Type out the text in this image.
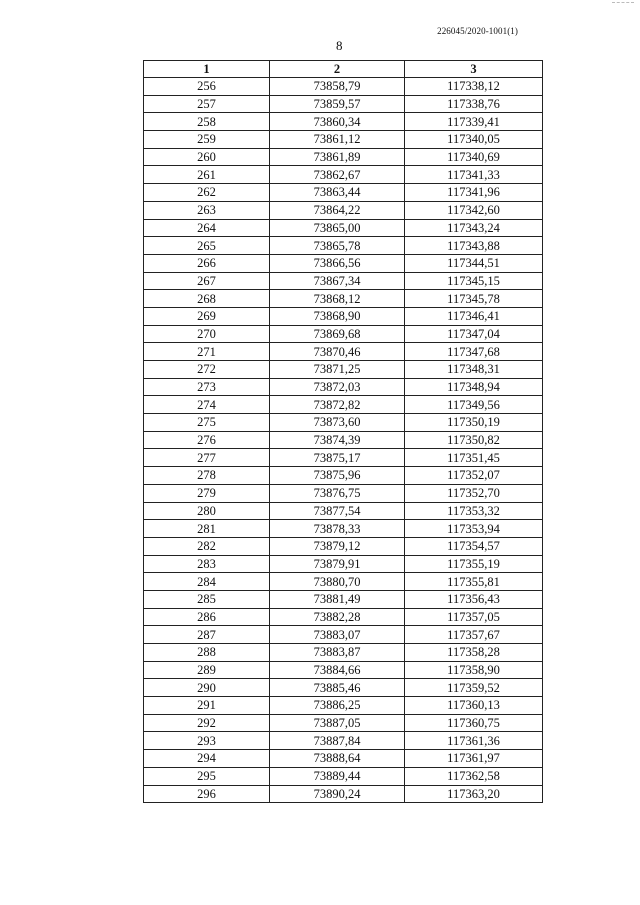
226045/2020-1001(1)
8
1	2	3
256	73858,79	117338,12
257	73859,57	117338,76
258	73860,34	117339,41
259	73861,12	117340,05
260	73861,89	117340,69
261	73862,67	117341,33
262	73863,44	117341,96
263	73864,22	117342,60
264	73865,00	117343,24
265	73865,78	117343,88
266	73866,56	117344,51
267	73867,34	117345,15
268	73868,12	117345,78
269	73868,90	117346,41
270	73869,68	117347,04
271	73870,46	117347,68
272	73871,25	117348,31
273	73872,03	117348,94
274	73872,82	117349,56
275	73873,60	117350,19
276	73874,39	117350,82
277	73875,17	117351,45
278	73875,96	117352,07
279	73876,75	117352,70
280	73877,54	117353,32
281	73878,33	117353,94
282	73879,12	117354,57
283	73879,91	117355,19
284	73880,70	117355,81
285	73881,49	117356,43
286	73882,28	117357,05
287	73883,07	117357,67
288	73883,87	117358,28
289	73884,66	117358,90
290	73885,46	117359,52
291	73886,25	117360,13
292	73887,05	117360,75
293	73887,84	117361,36
294	73888,64	117361,97
295	73889,44	117362,58
296	73890,24	117363,20
